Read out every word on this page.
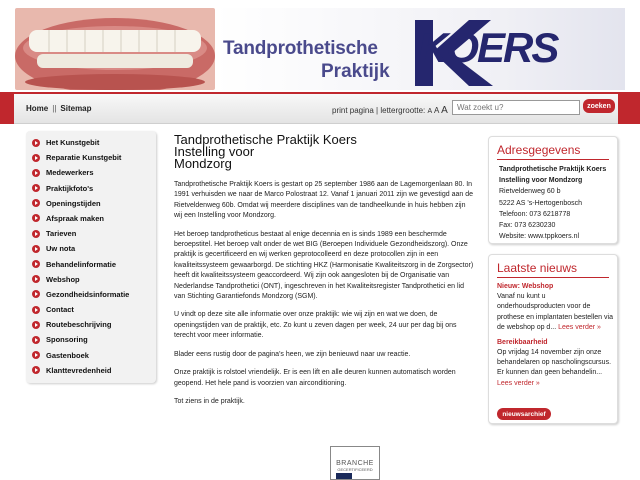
Tandprothetische
Praktijk
KOERS
Home || Sitemap	print pagina | lettergrootte: A A A
Wat zoekt u?	zoeken
Het Kunstgebit
Reparatie Kunstgebit
Medewerkers
Praktijkfoto's
Openingstijden
Afspraak maken
Tarieven
Uw nota
Behandelinformatie
Webshop
Gezondheidsinformatie
Contact
Routebeschrijving
Sponsoring
Gastenboek
Klanttevredenheid
Tandprothetische Praktijk Koers
Instelling voor
Mondzorg

Tandprothetische Praktijk Koers is gestart op 25 september 1986 aan de Lagemorgenlaan 80. In 1991 verhuisden we naar de Marco Polostraat 12. Vanaf 1 januari 2011 zijn we gevestigd aan de Rietveldenweg 60b. Omdat wij meerdere disciplines van de tandheelkunde in huis hebben zijn wij een Instelling voor Mondzorg.

Het beroep tandprotheticus bestaat al enige decennia en is sinds 1989 een beschermde beroepstitel. Het beroep valt onder de wet BIG (Beroepen Individuele Gezondheidszorg). Onze praktijk is gecertificeerd en wij werken geprotocolleerd en deze protocollen zijn in een kwaliteitssysteem gewaarborgd. De stichting HKZ (Harmonisatie Kwaliteitszorg in de Zorgsector) heeft dit kwaliteitssysteem geaccordeerd. Wij zijn ook aangesloten bij de Organisatie van Nederlandse Tandprothetici (ONT), ingeschreven in het Kwaliteitsregister Tandprothetici en lid van Stichting Garantiefonds Mondzorg (SGM).

U vindt op deze site alle informatie over onze praktijk: wie wij zijn en wat we doen, de openingstijden van de praktijk, etc. Zo kunt u zeven dagen per week, 24 uur per dag bij ons terecht voor meer informatie.

Blader eens rustig door de pagina's heen, we zijn benieuwd naar uw reactie.

Onze praktijk is rolstoel vriendelijk. Er is een lift en alle deuren kunnen automatisch worden geopend. Het hele pand is voorzien van airconditioning.

Tot ziens in de praktijk.

BRANCHE
GECERTIFICEERD
Adresgegevens
Tandprothetische Praktijk Koers
Instelling voor Mondzorg
Rietveldenweg 60 b
5222 AS 's-Hertogenbosch
Telefoon: 073 6218778
Fax: 073 6230230
Website: www.tppkoers.nl
Laatste nieuws
Nieuw: Webshop
Vanaf nu kunt u onderhoudsproducten voor de prothese en implantaten bestellen via de webshop op d... Lees verder »
Bereikbaarheid
Op vrijdag 14 november zijn onze behandelaren op nascholingscursus. Er kunnen dan geen behandelin... Lees verder »
nieuwsarchief
